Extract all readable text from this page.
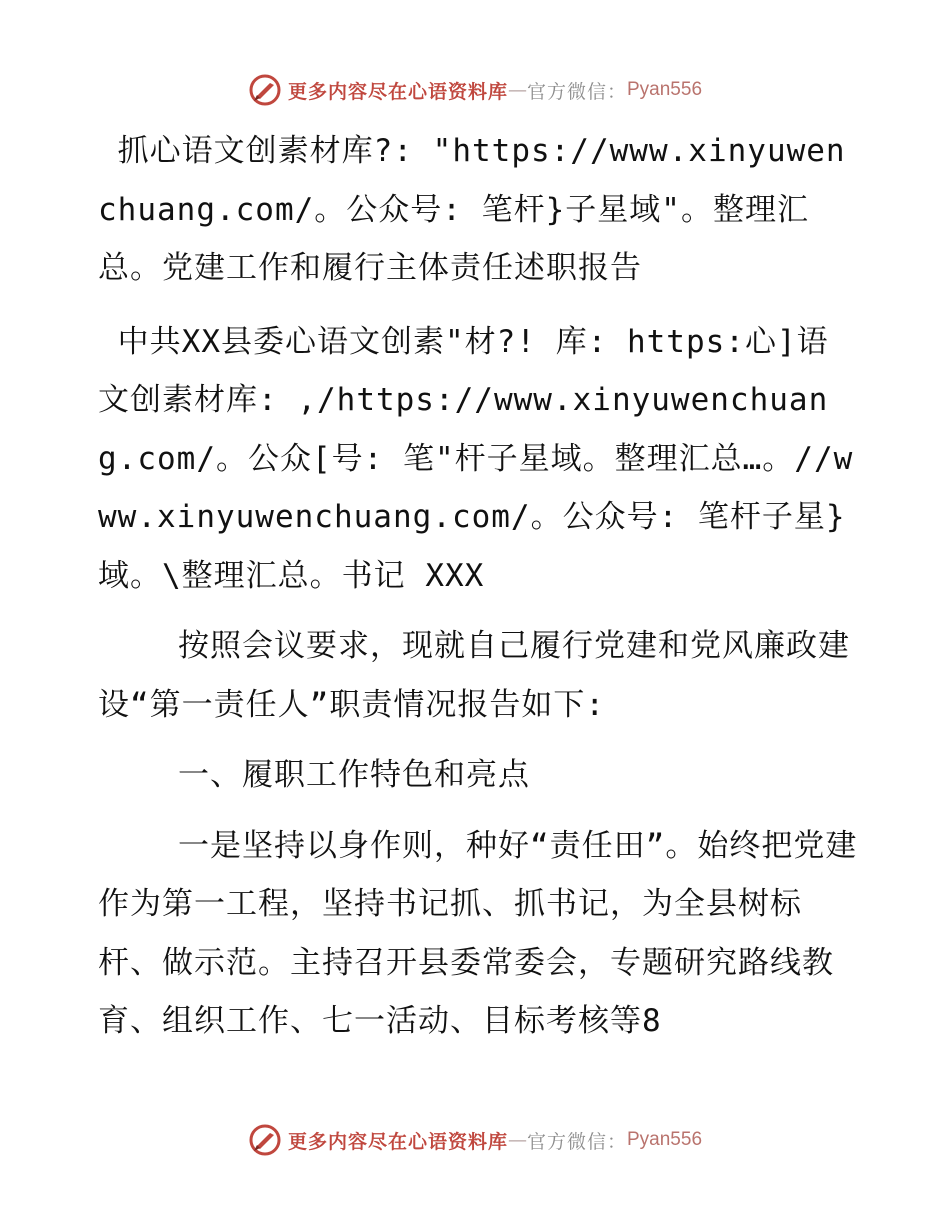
更多内容尽在心语资料库 — 官方微信： Pyan556

抓心语文创素材库?: "https://www.xinyuwenchuang.com/。公众号: 笔杆}子星域"。整理汇总。党建工作和履行主体责任述职报告

中共XX县委心语文创素"材?! 库: https:心]语文创素材库: ,/https://www.xinyuwenchuang.com/。公众[号: 笔"杆子星域。整理汇总…。//www.xinyuwenchuang.com/。公众号: 笔杆子星}域。\整理汇总。书记 XXX

按照会议要求，现就自己履行党建和党风廉政建设“第一责任人”职责情况报告如下:

一、履职工作特色和亮点

一是坚持以身作则，种好“责任田”。始终把党建作为第一工程，坚持书记抓、抓书记，为全县树标杆、做示范。主持召开县委常委会，专题研究路线教育、组织工作、七一活动、目标考核等8

更多内容尽在心语资料库 — 官方微信： Pyan556
